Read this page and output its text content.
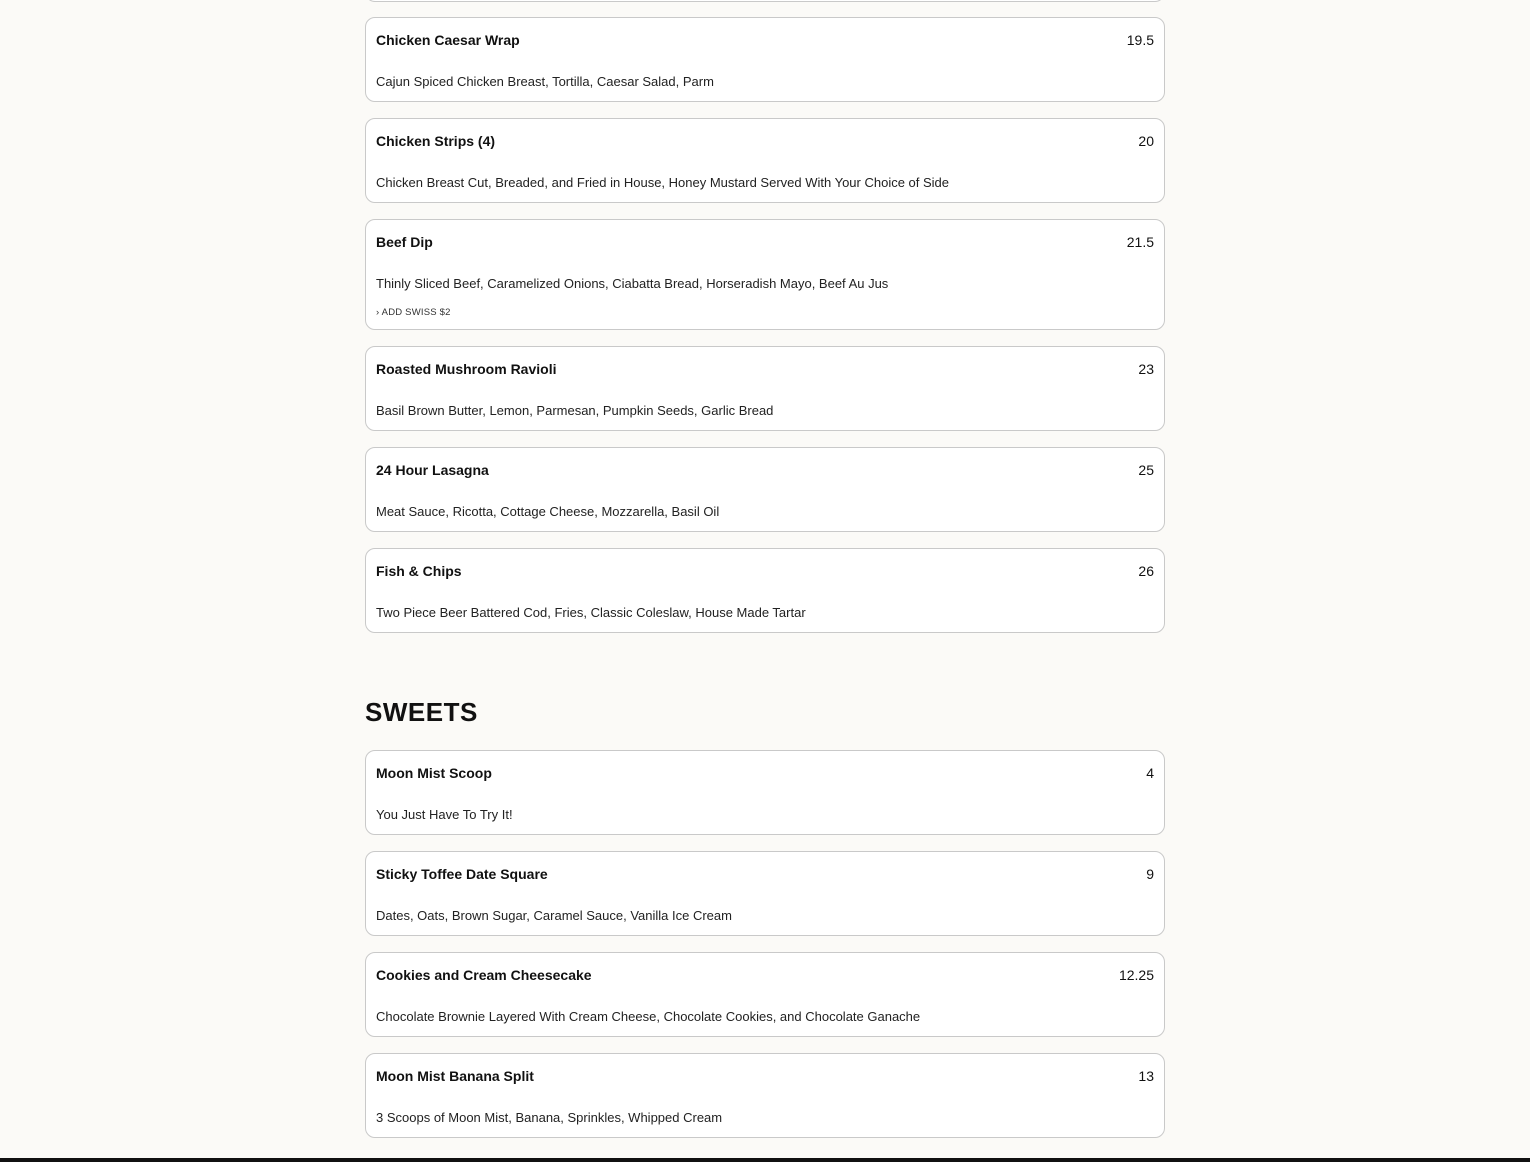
Chicken Caesar Wrap	19.5
Cajun Spiced Chicken Breast, Tortilla, Caesar Salad, Parm
Chicken Strips (4)	20
Chicken Breast Cut, Breaded, and Fried in House, Honey Mustard Served With Your Choice of Side
Beef Dip	21.5
Thinly Sliced Beef, Caramelized Onions, Ciabatta Bread, Horseradish Mayo, Beef Au Jus
› ADD SWISS $2
Roasted Mushroom Ravioli	23
Basil Brown Butter, Lemon, Parmesan, Pumpkin Seeds, Garlic Bread
24 Hour Lasagna	25
Meat Sauce, Ricotta, Cottage Cheese, Mozzarella, Basil Oil
Fish & Chips	26
Two Piece Beer Battered Cod, Fries, Classic Coleslaw, House Made Tartar
SWEETS
Moon Mist Scoop	4
You Just Have To Try It!
Sticky Toffee Date Square	9
Dates, Oats, Brown Sugar, Caramel Sauce, Vanilla Ice Cream
Cookies and Cream Cheesecake	12.25
Chocolate Brownie Layered With Cream Cheese, Chocolate Cookies, and Chocolate Ganache
Moon Mist Banana Split	13
3 Scoops of Moon Mist, Banana, Sprinkles, Whipped Cream
